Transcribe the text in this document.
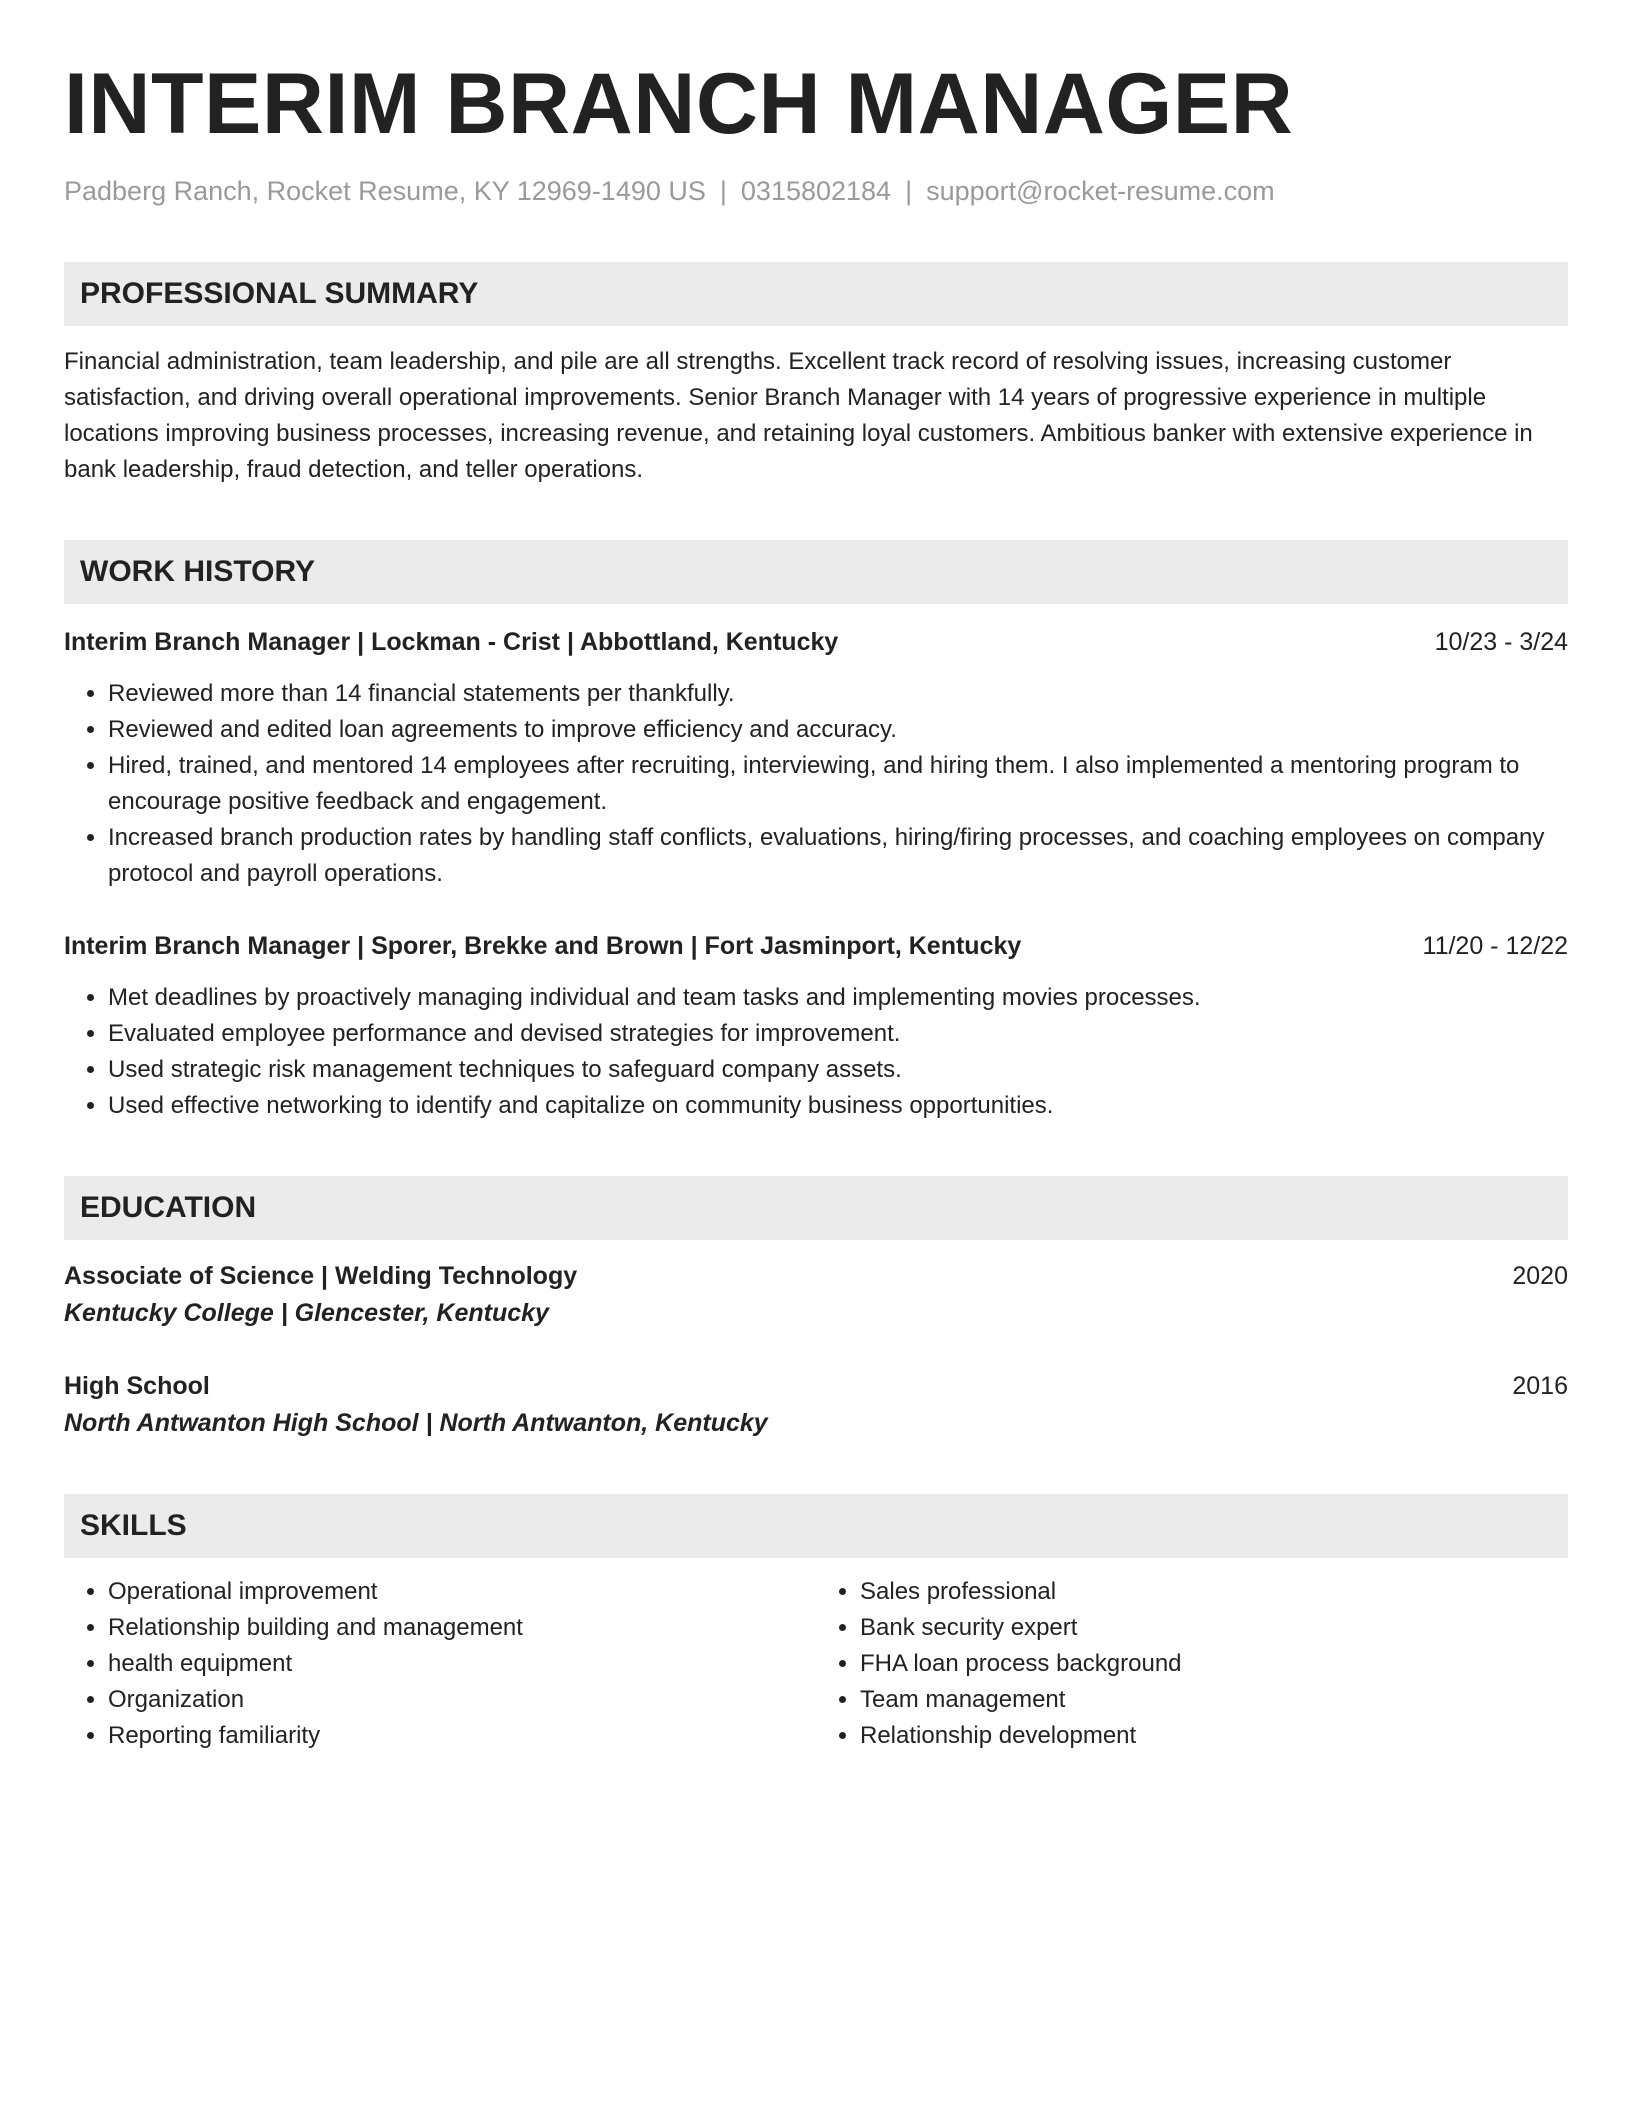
INTERIM BRANCH MANAGER
Padberg Ranch, Rocket Resume, KY 12969-1490 US | 0315802184 | support@rocket-resume.com
PROFESSIONAL SUMMARY
Financial administration, team leadership, and pile are all strengths. Excellent track record of resolving issues, increasing customer satisfaction, and driving overall operational improvements. Senior Branch Manager with 14 years of progressive experience in multiple locations improving business processes, increasing revenue, and retaining loyal customers. Ambitious banker with extensive experience in bank leadership, fraud detection, and teller operations.
WORK HISTORY
Interim Branch Manager | Lockman - Crist | Abbottland, Kentucky	10/23 - 3/24
• Reviewed more than 14 financial statements per thankfully.
• Reviewed and edited loan agreements to improve efficiency and accuracy.
• Hired, trained, and mentored 14 employees after recruiting, interviewing, and hiring them. I also implemented a mentoring program to encourage positive feedback and engagement.
• Increased branch production rates by handling staff conflicts, evaluations, hiring/firing processes, and coaching employees on company protocol and payroll operations.
Interim Branch Manager | Sporer, Brekke and Brown | Fort Jasminport, Kentucky	11/20 - 12/22
• Met deadlines by proactively managing individual and team tasks and implementing movies processes.
• Evaluated employee performance and devised strategies for improvement.
• Used strategic risk management techniques to safeguard company assets.
• Used effective networking to identify and capitalize on community business opportunities.
EDUCATION
Associate of Science | Welding Technology	2020
Kentucky College | Glencester, Kentucky
High School	2016
North Antwanton High School | North Antwanton, Kentucky
SKILLS
• Operational improvement
• Relationship building and management
• health equipment
• Organization
• Reporting familiarity
• Sales professional
• Bank security expert
• FHA loan process background
• Team management
• Relationship development
